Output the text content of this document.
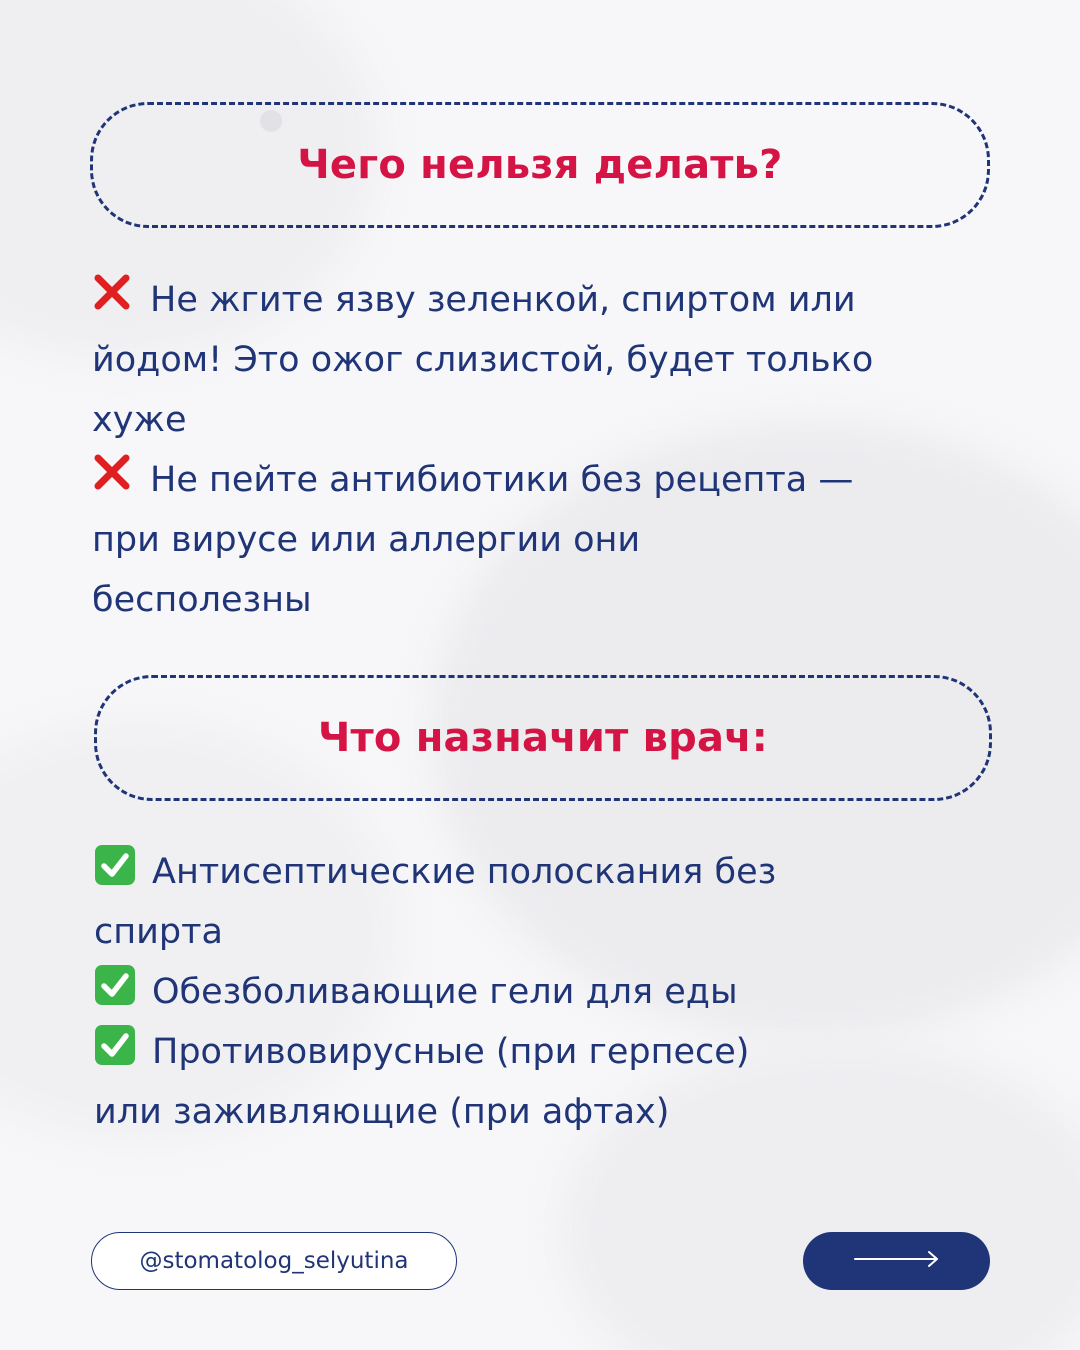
Чего нельзя делать?

Не жгите язву зеленкой, спиртом или
йодом! Это ожог слизистой, будет только
хуже

Не пейте антибиотики без рецепта —
при вирусе или аллергии они
бесполезны

Что назначит врач:

Антисептические полоскания без
спирта

Обезболивающие гели для еды

Противовирусные (при герпесе)
или заживляющие (при афтах)

@stomatolog_selyutina
